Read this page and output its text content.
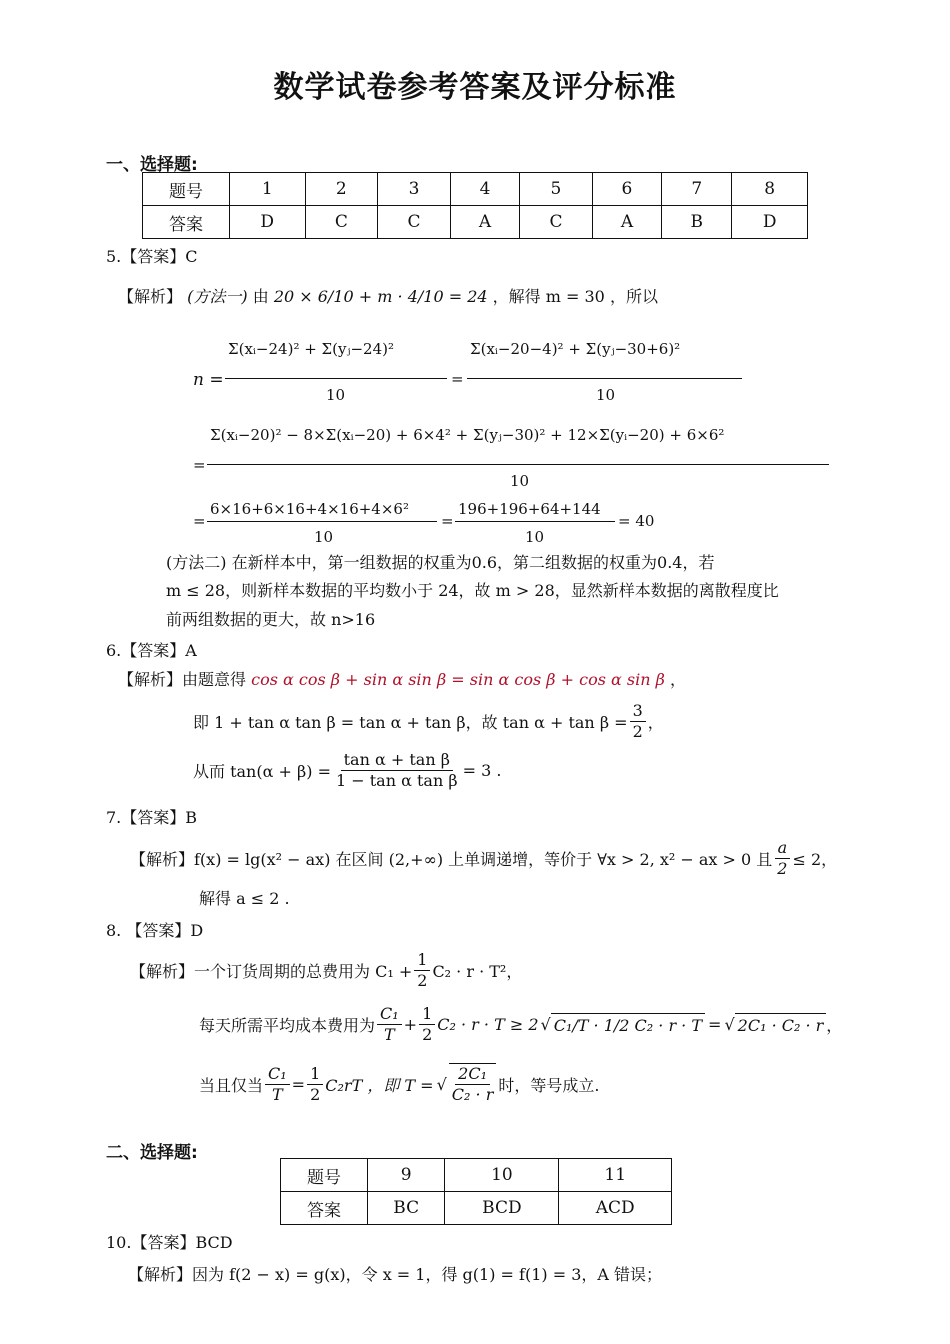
数学试卷参考答案及评分标准
一、选择题:
题号	1	2	3	4	5	6	7	8
答案	D	C	C	A	C	A	B	D
5.【答案】C
【解析】 (方法一) 由 20 × 6/10 + m · 4/10 = 24 ，解得 m = 30 ，所以
n =
Σ(xᵢ−24)² + Σ(yⱼ−24)²
10
=
Σ(xᵢ−20−4)² + Σ(yⱼ−30+6)²
10
=
Σ(xᵢ−20)² − 8×Σ(xᵢ−20) + 6×4² + Σ(yⱼ−30)² + 12×Σ(yᵢ−20) + 6×6²
10
=
6×16+6×16+4×16+4×6²
10
=
196+196+64+144
10
= 40
(方法二) 在新样本中，第一组数据的权重为0.6，第二组数据的权重为0.4，若
m ≤ 28，则新样本数据的平均数小于 24，故 m > 28，显然新样本数据的离散程度比
前两组数据的更大，故 n>16
6.【答案】A
【解析】由题意得 cos α cos β + sin α sin β = sin α cos β + cos α sin β ，
即 1 + tan α tan β = tan α + tan β，故 $\tan \alpha + \tan \beta = \frac{3}{2}$ ，
从而 $\tan(\alpha + \beta) = \frac{\text{tan α + tan β}}{\text{1 − tan α tan β}} = 3$ .
7.【答案】B
【解析】f(x) = lg(x² − ax) 在区间 (2,+∞) 上单调递增，等价于 ∀x > 2, x² − ax > 0 且 $\frac{a}{2} \le 2$，
解得 a ≤ 2 .
8. 【答案】D
【解析】一个订货周期的总费用为 $C_1 + \frac{1}{2} C_2 \cdot r \cdot T^2$，
每天所需平均成本费用为 $\frac{\text{C₁}}{T} + \frac{1}{2} C_2 \cdot r \cdot T \ge 2$ √ C₁/T · 1/2 C₂ · r · T = √ 2C₁ · C₂ · r ，
当且仅当 $\frac{\text{C₁}}{T} = \frac{1}{2} C_2rT$ ，即 T = √ $\frac{\text{2C₁}}{\text{C₂ · r}}$ 时，等号成立.
二、选择题:
题号	9	10	11
答案	BC	BCD	ACD
10.【答案】BCD
【解析】因为 f(2 − x) = g(x)，令 x = 1，得 g(1) = f(1) = 3，A 错误；
